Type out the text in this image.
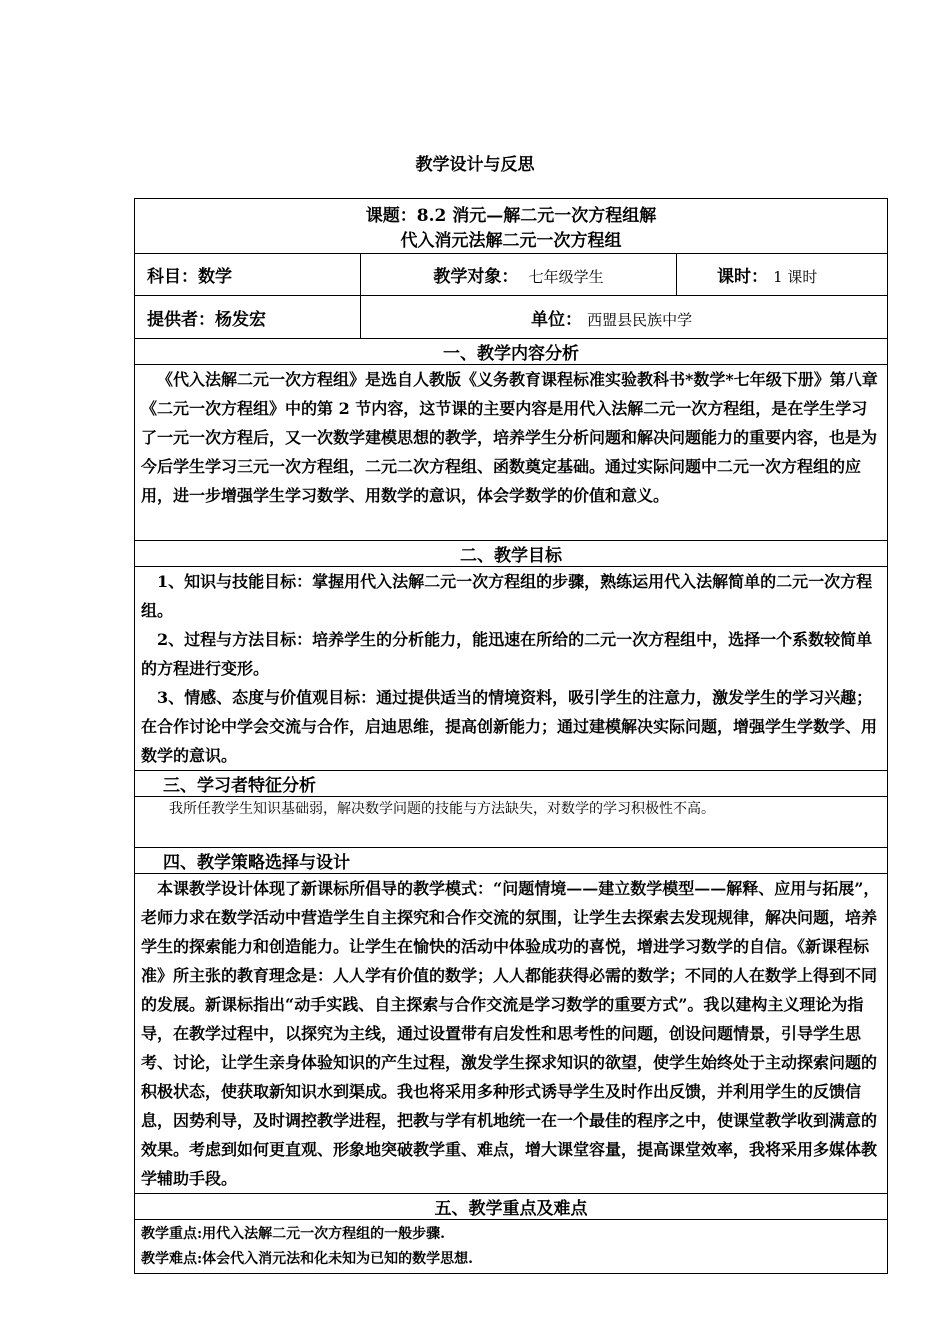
教学设计与反思
课题：8.2 消元—解二元一次方程组解
代入消元法解二元一次方程组		

科目：数学	教学对象： 七年级学生	课时： 1 课时
提供者：杨发宏	单位： 西盟县民族中学	
一、教学内容分析		

《代入法解二元一次方程组》是选自人教版《义务教育课程标准实验教科书*数学*七年级下册》第八章《二元一次方程组》中的第 2 节内容，这节课的主要内容是用代入法解二元一次方程组，是在学生学习了一元一次方程后，又一次数学建模思想的教学，培养学生分析问题和解决问题能力的重要内容，也是为今后学生学习三元一次方程组，二元二次方程组、函数奠定基础。通过实际问题中二元一次方程组的应用，进一步增强学生学习数学、用数学的意识，体会学数学的价值和意义。		

二、教学目标		

1、知识与技能目标：掌握用代入法解二元一次方程组的步骤，熟练运用代入法解简单的二元一次方程组。

2、过程与方法目标：培养学生的分析能力，能迅速在所给的二元一次方程组中，选择一个系数较简单的方程进行变形。

3、情感、态度与价值观目标：通过提供适当的情境资料，吸引学生的注意力，激发学生的学习兴趣；在合作讨论中学会交流与合作，启迪思维，提高创新能力；通过建模解决实际问题，增强学生学数学、用数学的意识。		

三、学习者特征分析		

我所任教学生知识基础弱，解决数学问题的技能与方法缺失，对数学的学习积极性不高。		

四、教学策略选择与设计		

本课教学设计体现了新课标所倡导的教学模式：“问题情境——建立数学模型——解释、应用与拓展”，老师力求在数学活动中营造学生自主探究和合作交流的氛围，让学生去探索去发现规律，解决问题，培养学生的探索能力和创造能力。让学生在愉快的活动中体验成功的喜悦，增进学习数学的自信。《新课程标准》所主张的教育理念是：人人学有价值的数学；人人都能获得必需的数学；不同的人在数学上得到不同的发展。新课标指出“动手实践、自主探索与合作交流是学习数学的重要方式”。我以建构主义理论为指导，在教学过程中，以探究为主线，通过设置带有启发性和思考性的问题，创设问题情景，引导学生思考、讨论，让学生亲身体验知识的产生过程，激发学生探求知识的欲望，使学生始终处于主动探索问题的积极状态，使获取新知识水到渠成。我也将采用多种形式诱导学生及时作出反馈，并利用学生的反馈信息，因势利导，及时调控教学进程，把教与学有机地统一在一个最佳的程序之中，使课堂教学收到满意的效果。考虑到如何更直观、形象地突破教学重、难点，增大课堂容量，提高课堂效率，我将采用多媒体教学辅助手段。		

五、教学重点及难点		

教学重点:用代入法解二元一次方程组的一般步骤.

教学难点:体会代入消元法和化未知为已知的数学思想.		
